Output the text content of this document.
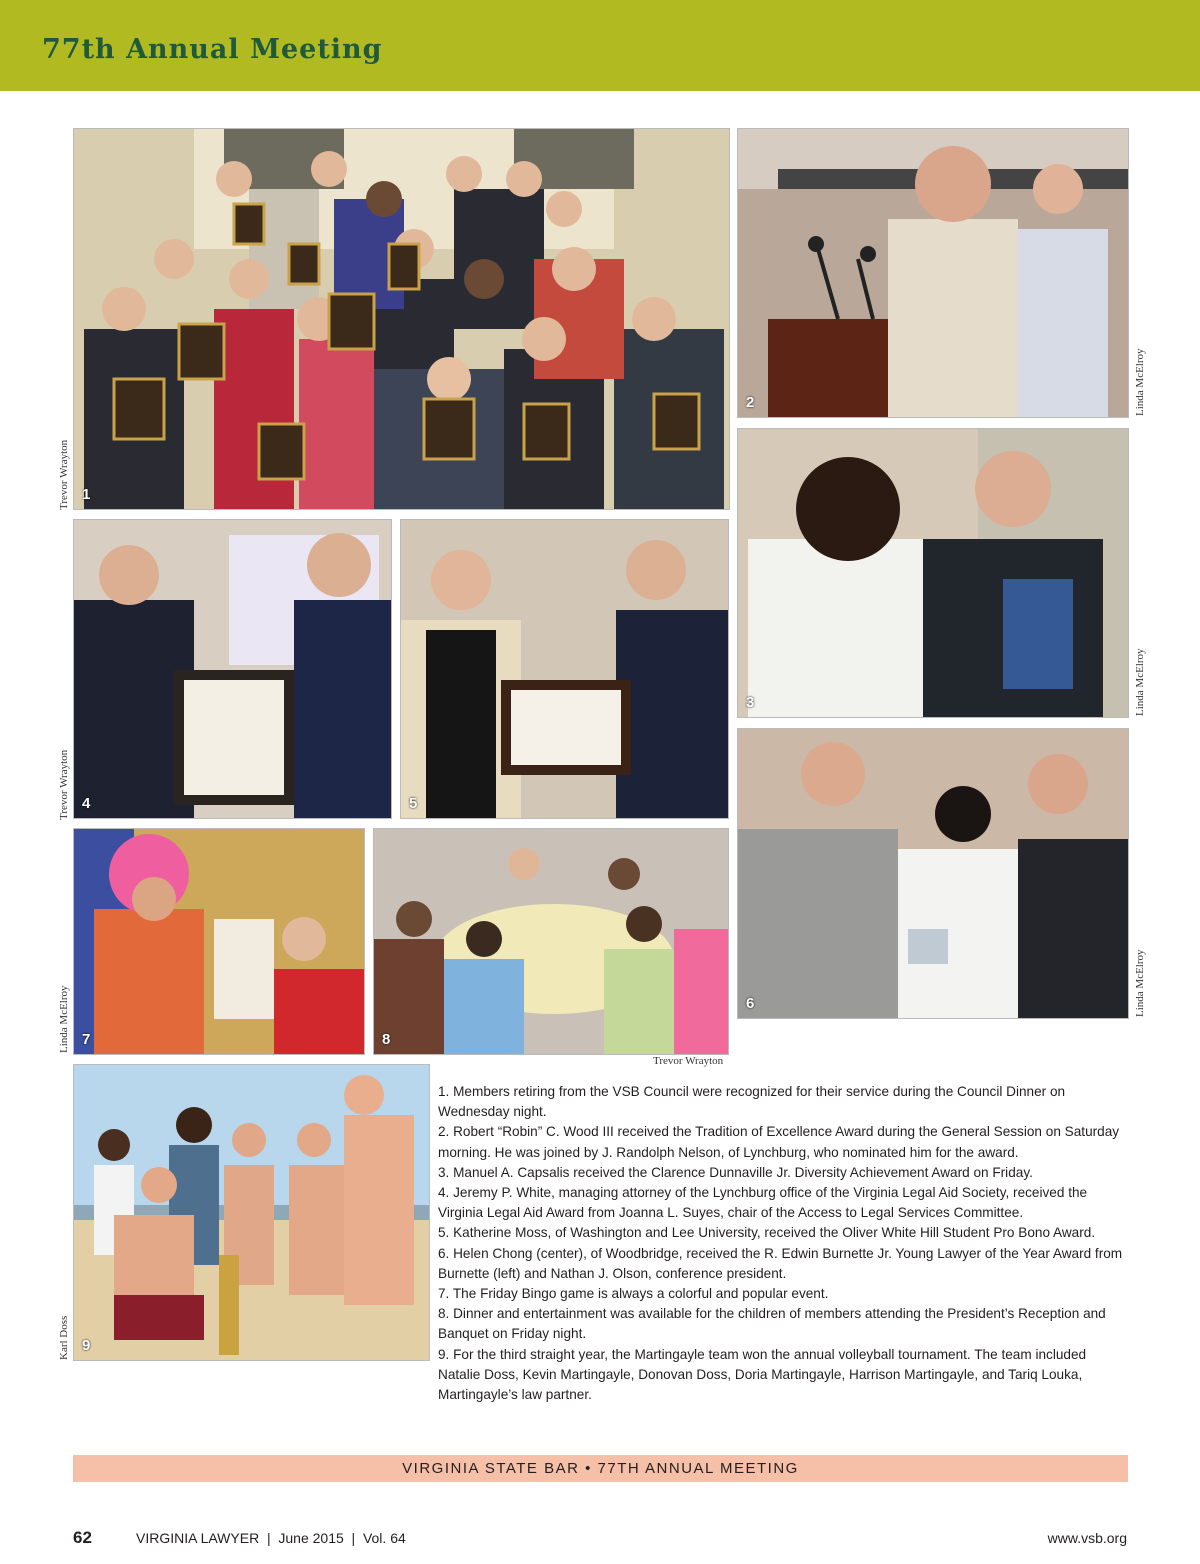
77th Annual Meeting
1
2
3
4	5
6
7	8
9
Trevor Wrayton
Linda McElroy
Linda McElroy
Trevor Wrayton
Linda McElroy
Linda McElroy
Trevor Wrayton
Karl Doss

1. Members retiring from the VSB Council were recognized for their service during the Council Dinner on Wednesday night.

2. Robert “Robin” C. Wood III received the Tradition of Excellence Award during the General Session on Saturday morning. He was joined by J. Randolph Nelson, of Lynchburg, who nominated him for the award.

3. Manuel A. Capsalis received the Clarence Dunnaville Jr. Diversity Achievement Award on Friday.

4. Jeremy P. White, managing attorney of the Lynchburg office of the Virginia Legal Aid Society, received the Virginia Legal Aid Award from Joanna L. Suyes, chair of the Access to Legal Services Committee.

5. Katherine Moss, of Washington and Lee University, received the Oliver White Hill Student Pro Bono Award.

6. Helen Chong (center), of Woodbridge, received the R. Edwin Burnette Jr. Young Lawyer of the Year Award from Burnette (left) and Nathan J. Olson, conference president.

7. The Friday Bingo game is always a colorful and popular event.

8. Dinner and entertainment was available for the children of members attending the President’s Reception and Banquet on Friday night.

9. For the third straight year, the Martingayle team won the annual volleyball tournament. The team included Natalie Doss, Kevin Martingayle, Donovan Doss, Doria Martingayle, Harrison Martingayle, and Tariq Louka, Martingayle’s law partner.

VIRGINIA STATE BAR • 77TH ANNUAL MEETING
62	VIRGINIA LAWYER  |  June 2015  |  Vol. 64	www.vsb.org
